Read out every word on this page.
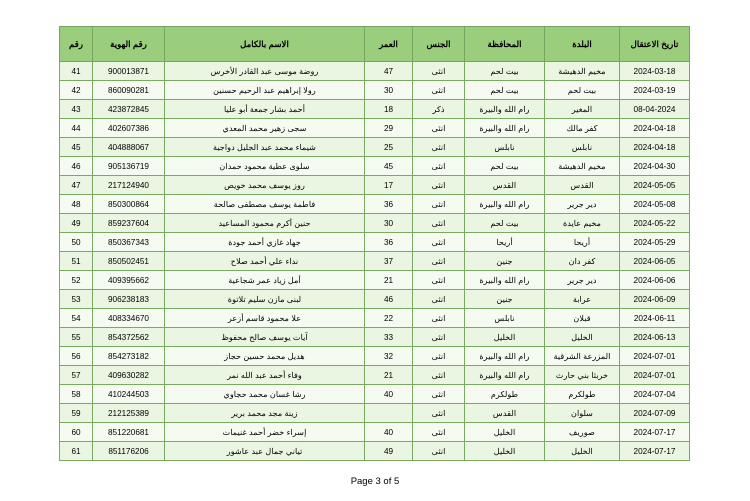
تاريخ الاعتقال	البلدة	المحافظة	الجنس	العمر	الاسم بالكامل	رقم الهوية	رقم
2024-03-18	مخيم الدهيشة	بيت لحم	انثى	47	روضة موسى عبد القادر الأخرس	900013871	41
2024-03-19	بيت لحم	بيت لحم	انثى	30	رولا إبراهيم عبد الرحيم حسنين	860090281	42
08-04-2024	المغير	رام الله والبيرة	ذكر	18	أحمد بشار جمعة أبو عليا	423872845	43
2024-04-18	كفر مالك	رام الله والبيرة	انثى	29	سجى زهير محمد المعدي	402607386	44
2024-04-18	نابلس	نابلس	انثى	25	شيماء محمد عبد الجليل دواجية	404888067	45
2024-04-30	مخيم الدهيشة	بيت لحم	انثى	45	سلوى عطية محمود حمدان	905136719	46
2024-05-05	القدس	القدس	انثى	17	روز يوسف محمد خويص	217124940	47
2024-05-08	دير جرير	رام الله والبيرة	انثى	36	فاطمة يوسف مصطفى صالحة	850300864	48
2024-05-22	مخيم عايدة	بيت لحم	انثى	30	حنين أكرم محمود المساعيد	859237604	49
2024-05-29	أريحا	أريحا	انثى	36	جهاد غازي أحمد جودة	850367343	50
2024-06-05	كفر دان	جنين	انثى	37	نداء علي أحمد صلاح	850502451	51
2024-06-06	دير جرير	رام الله والبيرة	انثى	21	أمل زياد عمر شجاعية	409395662	52
2024-06-09	عرابة	جنين	انثى	46	لبنى مازن سليم تلاتوة	906238183	53
2024-06-11	قبلان	نابلس	انثى	22	علا محمود قاسم أزعر	408334670	54
2024-06-13	الخليل	الخليل	انثى	33	آيات يوسف صالح محفوظ	854372562	55
2024-07-01	المزرعة الشرقية	رام الله والبيرة	انثى	32	هديل محمد حسين حجاز	854273182	56
2024-07-01	خربثا بني حارث	رام الله والبيرة	انثى	21	وفاء أحمد عبد الله نمر	409630282	57
2024-07-04	طولكرم	طولكرم	انثى	40	رشا غسان محمد حجاوي	410244503	58
2024-07-09	سلوان	القدس	انثى		زينة مجد محمد برير	212125389	59
2024-07-17	صوريف	الخليل	انثى	40	إسراء خضر أحمد غنيمات	851220681	60
2024-07-17	الخليل	الخليل	انثى	49	تياني جمال عبد عاشور	851176206	61
Page 3 of 5
